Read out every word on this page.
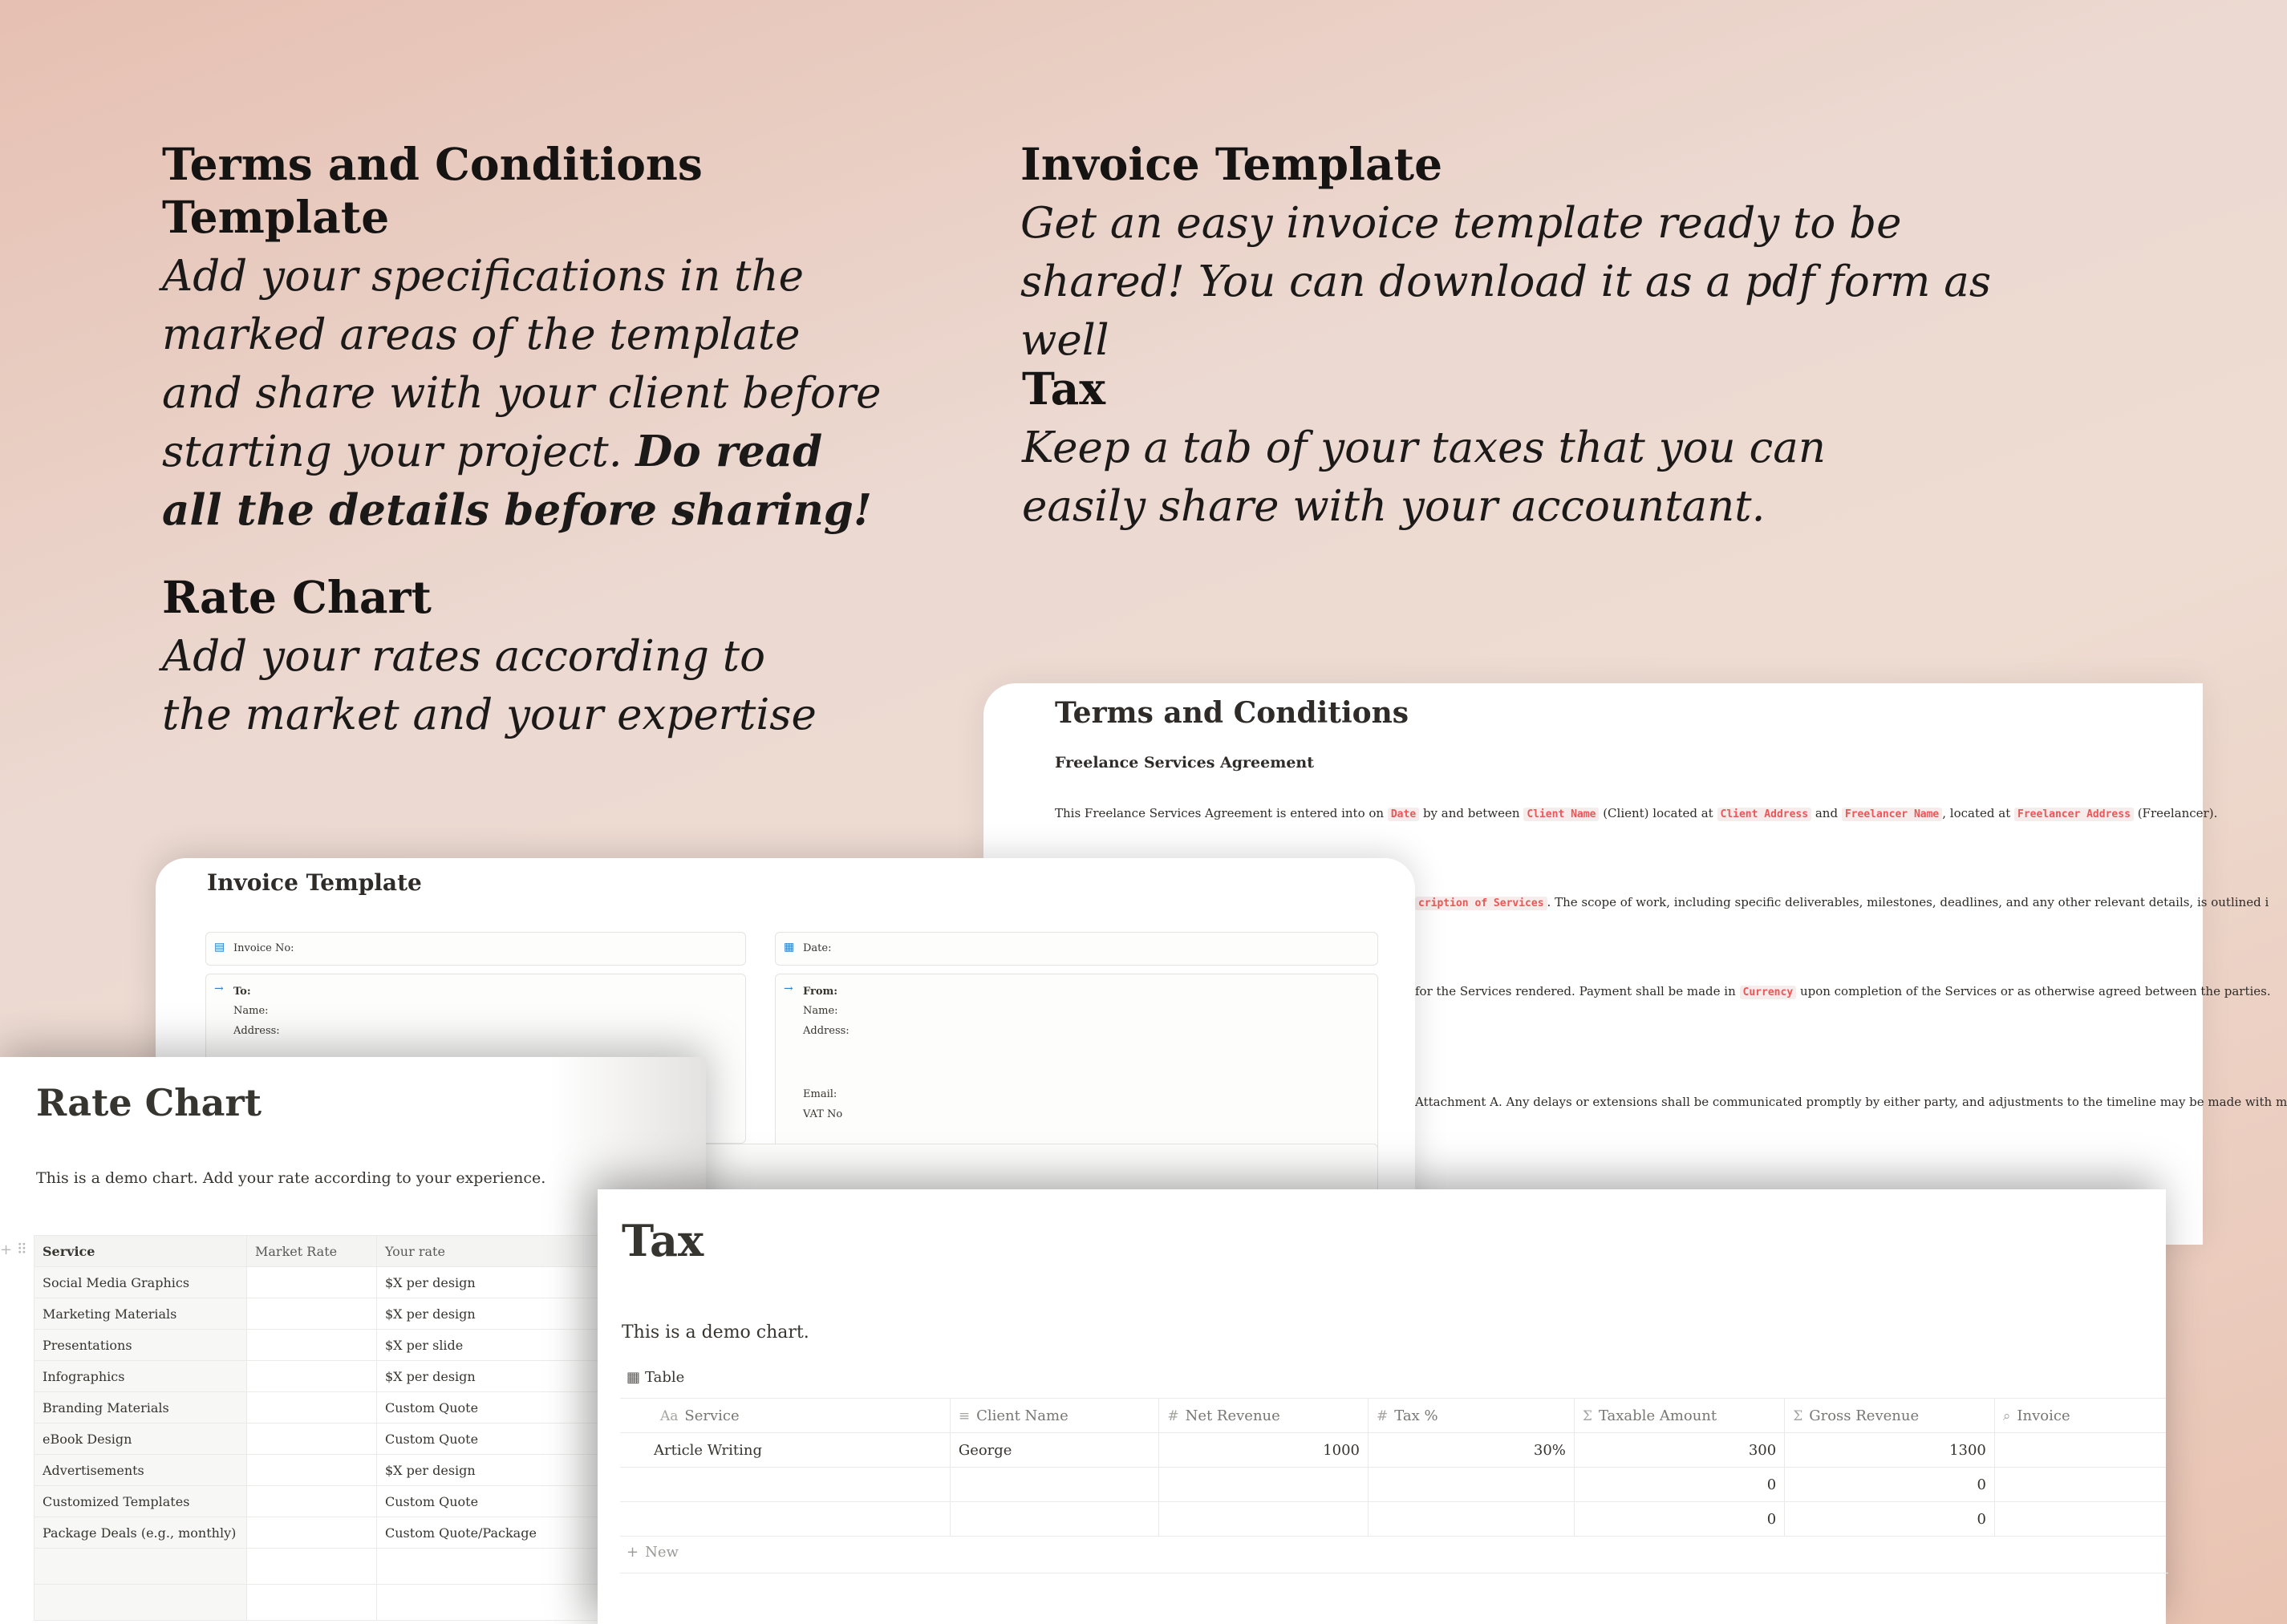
Terms and Conditions Template

Add your specifications in the marked areas of the template and share with your client before starting your project. Do read all the details before sharing!

Invoice Template

Get an easy invoice template ready to be shared! You can download it as a pdf form as well

Tax

Keep a tab of your taxes that you can easily share with your accountant.

Rate Chart

Add your rates according to the market and your expertise	Terms and Conditions

Freelance Services Agreement

This Freelance Services Agreement is entered into on Date by and between Client Name (Client) located at Client Address and Freelancer Name , located at Freelancer Address (Freelancer).
cription of Services . The scope of work, including specific deliverables, milestones, deadlines, and any other relevant details, is outlined i
for the Services rendered. Payment shall be made in Currency upon completion of the Services or as otherwise agreed between the parties.
Attachment A. Any delays or extensions shall be communicated promptly by either party, and adjustments to the timeline may be made with m
Invoice Template
▤ Invoice No:	▦ Date:
→ To:
Name:
Address:
→ From:
Name:
Address:
Email:
VAT No
Rate Chart

This is a demo chart. Add your rate according to your experience.

+ ⠿ Service	Market Rate	Your rate
Social Media Graphics		$X per design
Marketing Materials		$X per design
Presentations		$X per slide
Infographics		$X per design
Branding Materials		Custom Quote
eBook Design		Custom Quote
Advertisements		$X per design
Customized Templates		Custom Quote
Package Deals (e.g., monthly)		Custom Quote/Package

Tax

This is a demo chart.

▦ Table
Aa Service	≡ Client Name	# Net Revenue	# Tax %	Σ Taxable Amount	Σ Gross Revenue	⌕ Invoice
Article Writing	George	1000	30%	300	1300	
				0	0	
				0	0	
+ New
